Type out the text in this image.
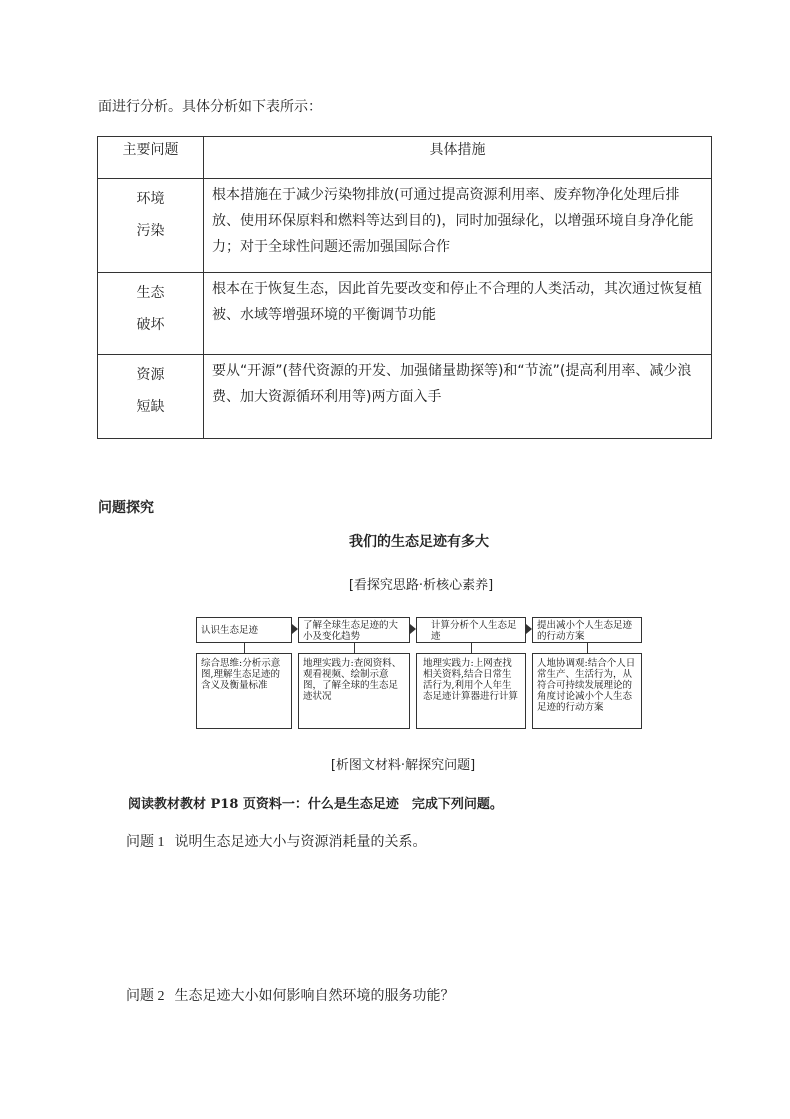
面进行分析。具体分析如下表所示：
主要问题	具体措施

环境
污染	根本措施在于减少污染物排放(可通过提高资源利用率、废弃物净化处理后排放、使用环保原料和燃料等达到目的)，同时加强绿化，以增强环境自身净化能力；对于全球性问题还需加强国际合作

生态
破坏	根本在于恢复生态，因此首先要改变和停止不合理的人类活动，其次通过恢复植被、水域等增强环境的平衡调节功能

资源
短缺	要从“开源”(替代资源的开发、加强储量勘探等)和“节流”(提高利用率、减少浪费、加大资源循环利用等)两方面入手
问题探究
我们的生态足迹有多大
[看探究思路·析核心素养]
认识生态足迹	了解全球生态足迹的大小及变化趋势
计算分析个人生态足迹
提出减小个人生态足迹的行动方案
综合思维:分析示意图,理解生态足迹的含义及衡量标准
地理实践力:查阅资料、观看视频、绘制示意图，了解全球的生态足迹状况
地理实践力:上网查找相关资料,结合日常生活行为,利用个人年生态足迹计算器进行计算
人地协调观:结合个人日常生产、生活行为，从符合可持续发展理论的角度讨论减小个人生态足迹的行动方案
[析图文材料·解探究问题]
阅读教材教材 P18 页资料一：什么是生态足迹　完成下列问题。
问题 1 说明生态足迹大小与资源消耗量的关系。
问题 2 生态足迹大小如何影响自然环境的服务功能？
